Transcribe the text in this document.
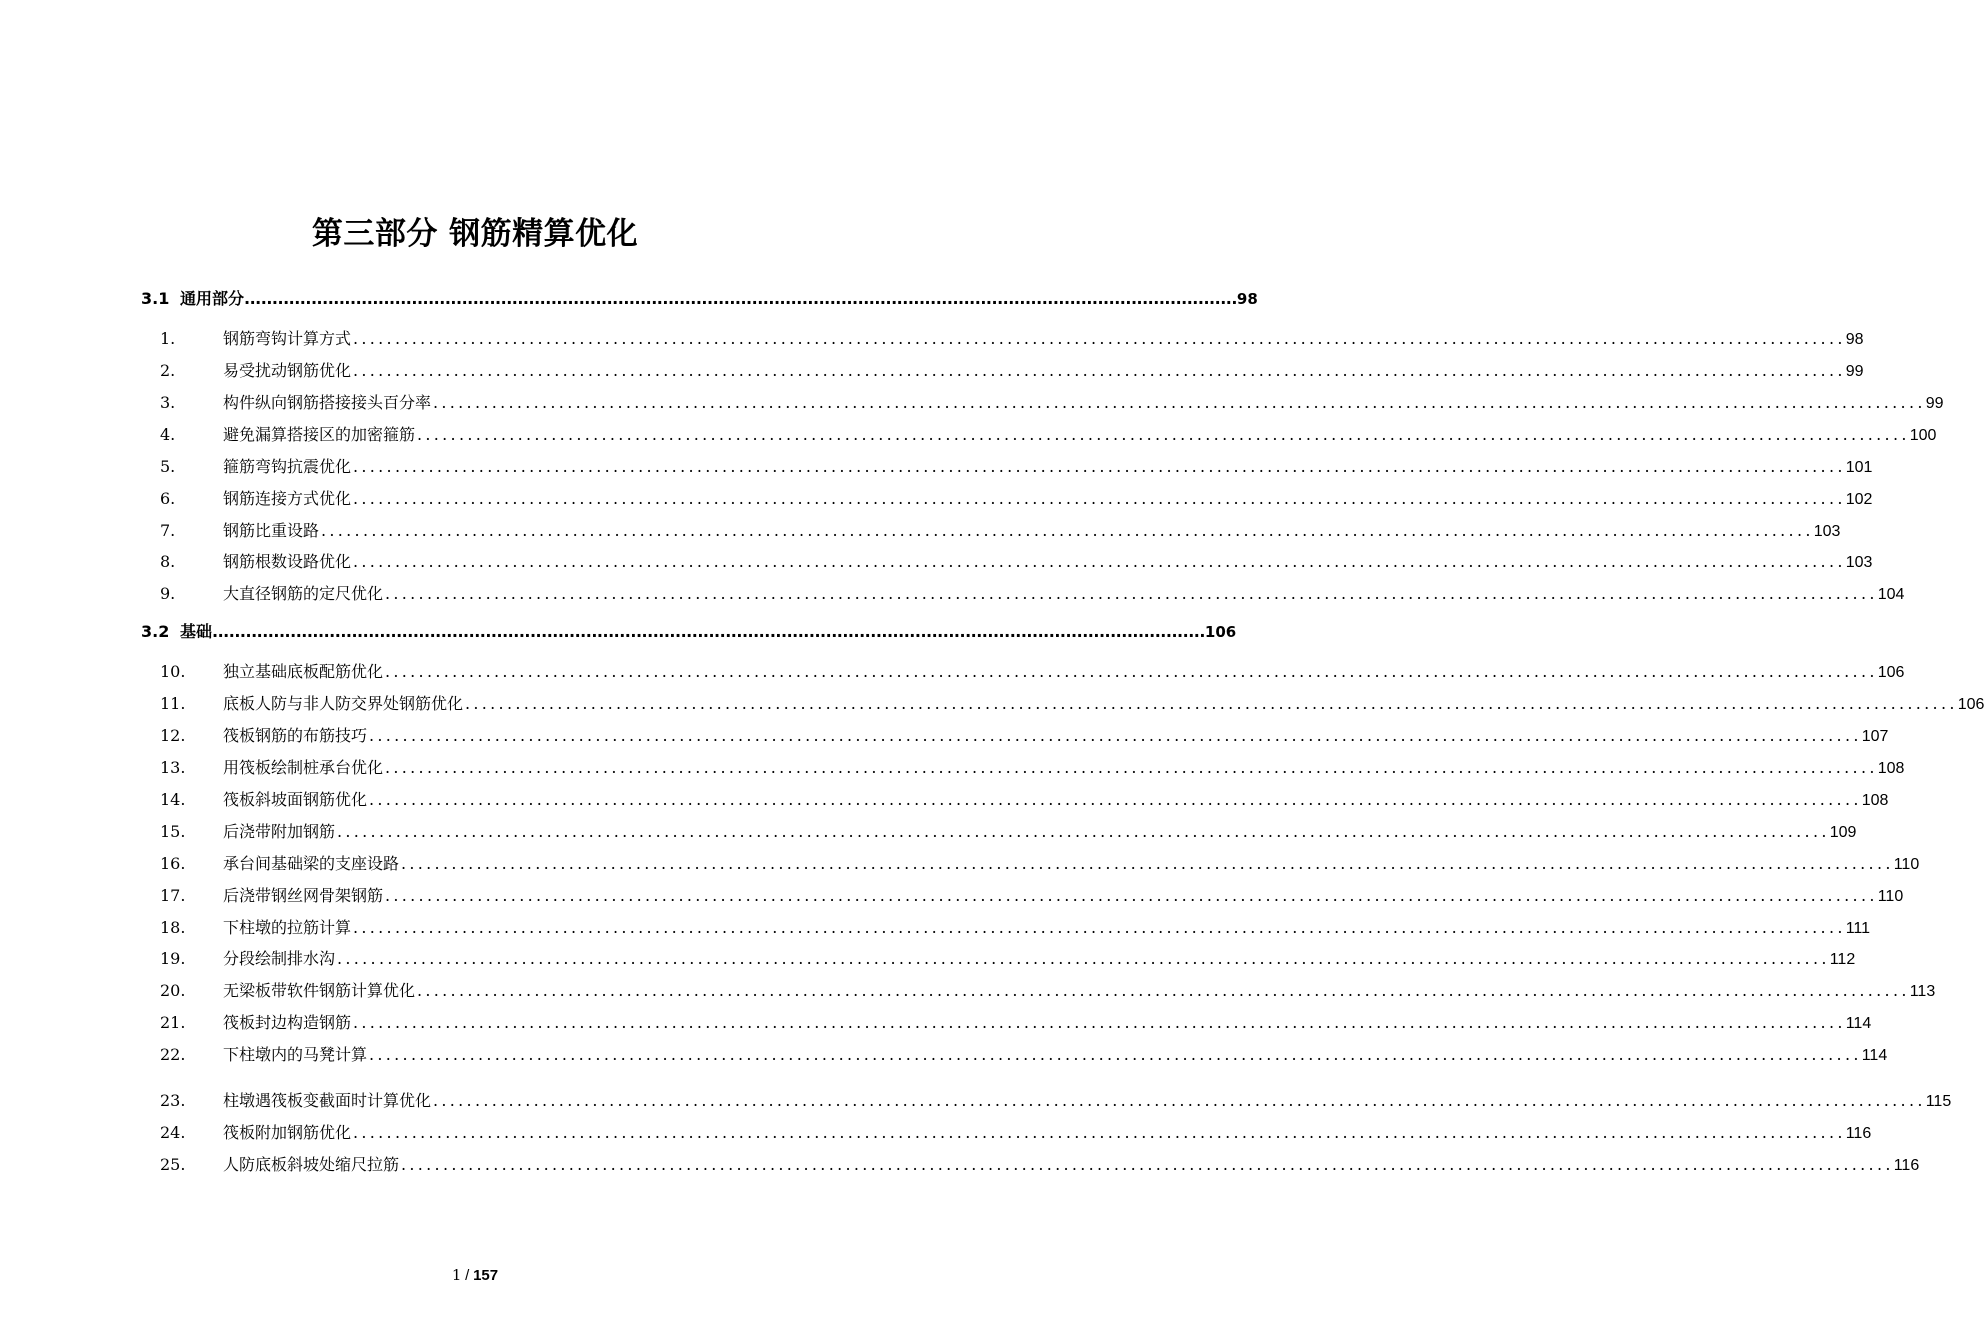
第三部分 钢筋精算优化
3.1 通用部分 .................................................................................................................................................................................. 98
1.	钢筋弯钩计算方式 .................................................................................................................................................................................. 98
2.	易受扰动钢筋优化 .................................................................................................................................................................................. 99
3.	构件纵向钢筋搭接接头百分率 .................................................................................................................................................................................. 99
4.	避免漏算搭接区的加密箍筋 .................................................................................................................................................................................. 100
5.	箍筋弯钩抗震优化 .................................................................................................................................................................................. 101
6.	钢筋连接方式优化 .................................................................................................................................................................................. 102
7.	钢筋比重设路 .................................................................................................................................................................................. 103
8.	钢筋根数设路优化 .................................................................................................................................................................................. 103
9.	大直径钢筋的定尺优化 .................................................................................................................................................................................. 104
3.2 基础 .................................................................................................................................................................................. 106
10.	独立基础底板配筋优化 .................................................................................................................................................................................. 106
11.	底板人防与非人防交界处钢筋优化 .................................................................................................................................................................................. 106
12.	筏板钢筋的布筋技巧 .................................................................................................................................................................................. 107
13.	用筏板绘制桩承台优化 .................................................................................................................................................................................. 108
14.	筏板斜坡面钢筋优化 .................................................................................................................................................................................. 108
15.	后浇带附加钢筋 .................................................................................................................................................................................. 109
16.	承台间基础梁的支座设路 .................................................................................................................................................................................. 110
17.	后浇带钢丝网骨架钢筋 .................................................................................................................................................................................. 110
18.	下柱墩的拉筋计算 .................................................................................................................................................................................. 111
19.	分段绘制排水沟 .................................................................................................................................................................................. 112
20.	无梁板带软件钢筋计算优化 .................................................................................................................................................................................. 113
21.	筏板封边构造钢筋 .................................................................................................................................................................................. 114
22.	下柱墩内的马凳计算 .................................................................................................................................................................................. 114
23.	柱墩遇筏板变截面时计算优化 .................................................................................................................................................................................. 115
24.	筏板附加钢筋优化 .................................................................................................................................................................................. 116
25.	人防底板斜坡处缩尺拉筋 .................................................................................................................................................................................. 116
1 / 157
